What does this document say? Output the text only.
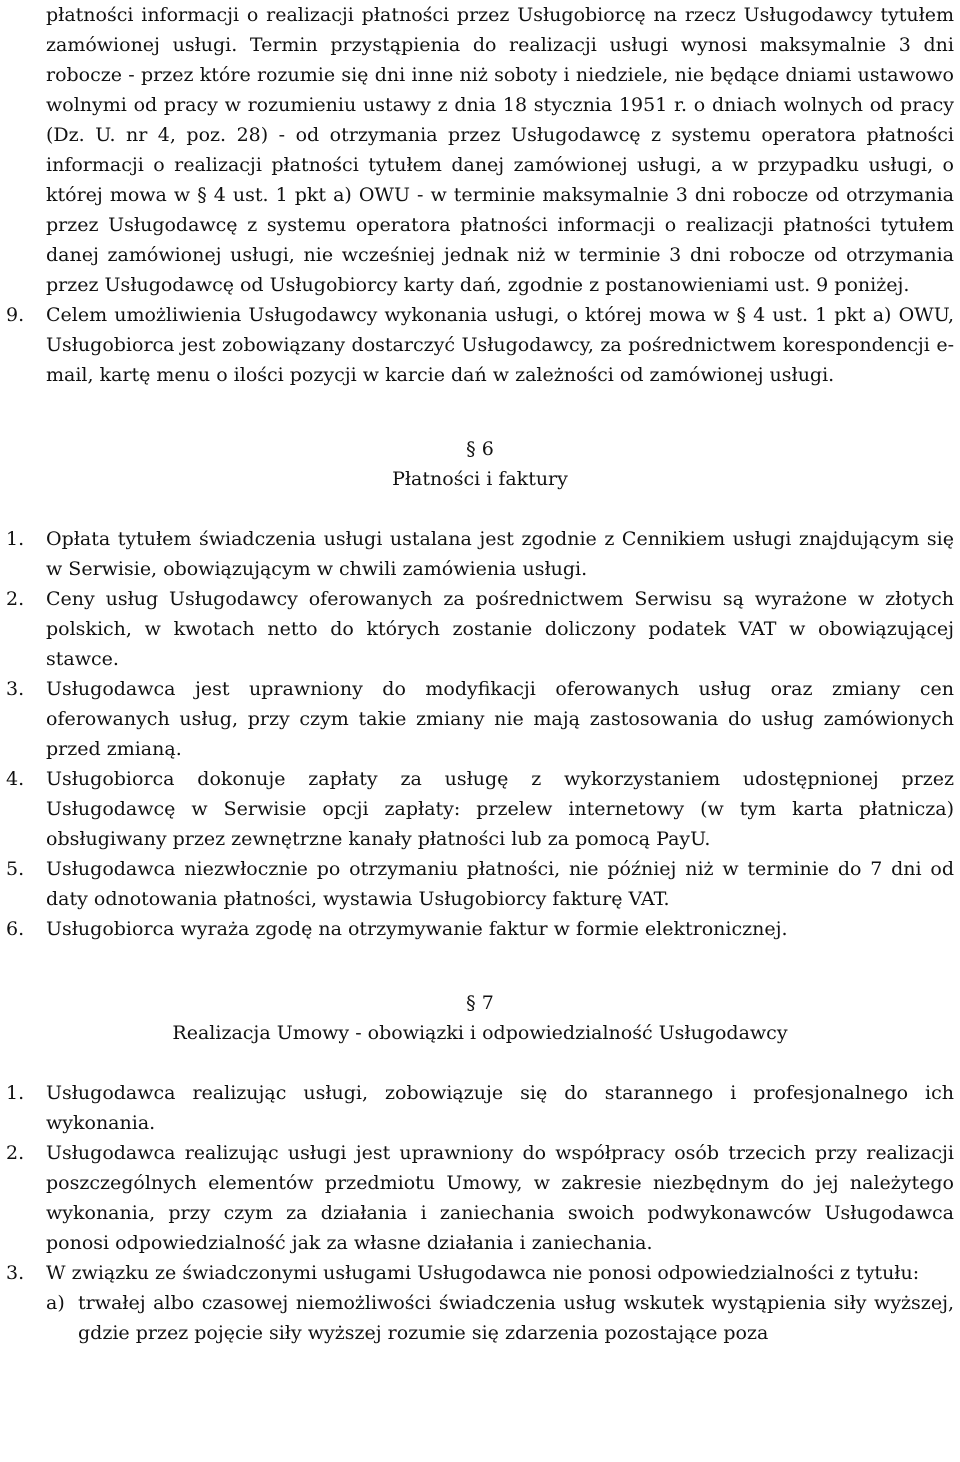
płatności informacji o realizacji płatności przez Usługobiorcę na rzecz Usługodawcy tytułem zamówionej usługi. Termin przystąpienia do realizacji usługi wynosi maksymalnie 3 dni robocze - przez które rozumie się dni inne niż soboty i niedziele, nie będące dniami ustawowo wolnymi od pracy w rozumieniu ustawy z dnia 18 stycznia 1951 r. o dniach wolnych od pracy (Dz. U. nr 4, poz. 28) - od otrzymania przez Usługodawcę z systemu operatora płatności informacji o realizacji płatności tytułem danej zamówionej usługi, a w przypadku usługi, o której mowa w § 4 ust. 1 pkt a) OWU - w terminie maksymalnie 3 dni robocze od otrzymania przez Usługodawcę z systemu operatora płatności informacji o realizacji płatności tytułem danej zamówionej usługi, nie wcześniej jednak niż w terminie 3 dni robocze od otrzymania przez Usługodawcę od Usługobiorcy karty dań, zgodnie z postanowieniami ust. 9 poniżej.
9. Celem umożliwienia Usługodawcy wykonania usługi, o której mowa w § 4 ust. 1 pkt a) OWU, Usługobiorca jest zobowiązany dostarczyć Usługodawcy, za pośrednictwem korespondencji e-mail, kartę menu o ilości pozycji w karcie dań w zależności od zamówionej usługi.
§ 6
Płatności i faktury
1. Opłata tytułem świadczenia usługi ustalana jest zgodnie z Cennikiem usługi znajdującym się w Serwisie, obowiązującym w chwili zamówienia usługi.
2. Ceny usług Usługodawcy oferowanych za pośrednictwem Serwisu są wyrażone w złotych polskich, w kwotach netto do których zostanie doliczony podatek VAT w obowiązującej stawce.
3. Usługodawca jest uprawniony do modyfikacji oferowanych usług oraz zmiany cen oferowanych usług, przy czym takie zmiany nie mają zastosowania do usług zamówionych przed zmianą.
4. Usługobiorca dokonuje zapłaty za usługę z wykorzystaniem udostępnionej przez Usługodawcę w Serwisie opcji zapłaty: przelew internetowy (w tym karta płatnicza) obsługiwany przez zewnętrzne kanały płatności lub za pomocą PayU.
5. Usługodawca niezwłocznie po otrzymaniu płatności, nie później niż w terminie do 7 dni od daty odnotowania płatności, wystawia Usługobiorcy fakturę VAT.
6. Usługobiorca wyraża zgodę na otrzymywanie faktur w formie elektronicznej.
§ 7
Realizacja Umowy - obowiązki i odpowiedzialność Usługodawcy
1. Usługodawca realizując usługi, zobowiązuje się do starannego i profesjonalnego ich wykonania.
2. Usługodawca realizując usługi jest uprawniony do współpracy osób trzecich przy realizacji poszczególnych elementów przedmiotu Umowy, w zakresie niezbędnym do jej należytego wykonania, przy czym za działania i zaniechania swoich podwykonawców Usługodawca ponosi odpowiedzialność jak za własne działania i zaniechania.
3. W związku ze świadczonymi usługami Usługodawca nie ponosi odpowiedzialności z tytułu:
a) trwałej albo czasowej niemożliwości świadczenia usług wskutek wystąpienia siły wyższej, gdzie przez pojęcie siły wyższej rozumie się zdarzenia pozostające poza
